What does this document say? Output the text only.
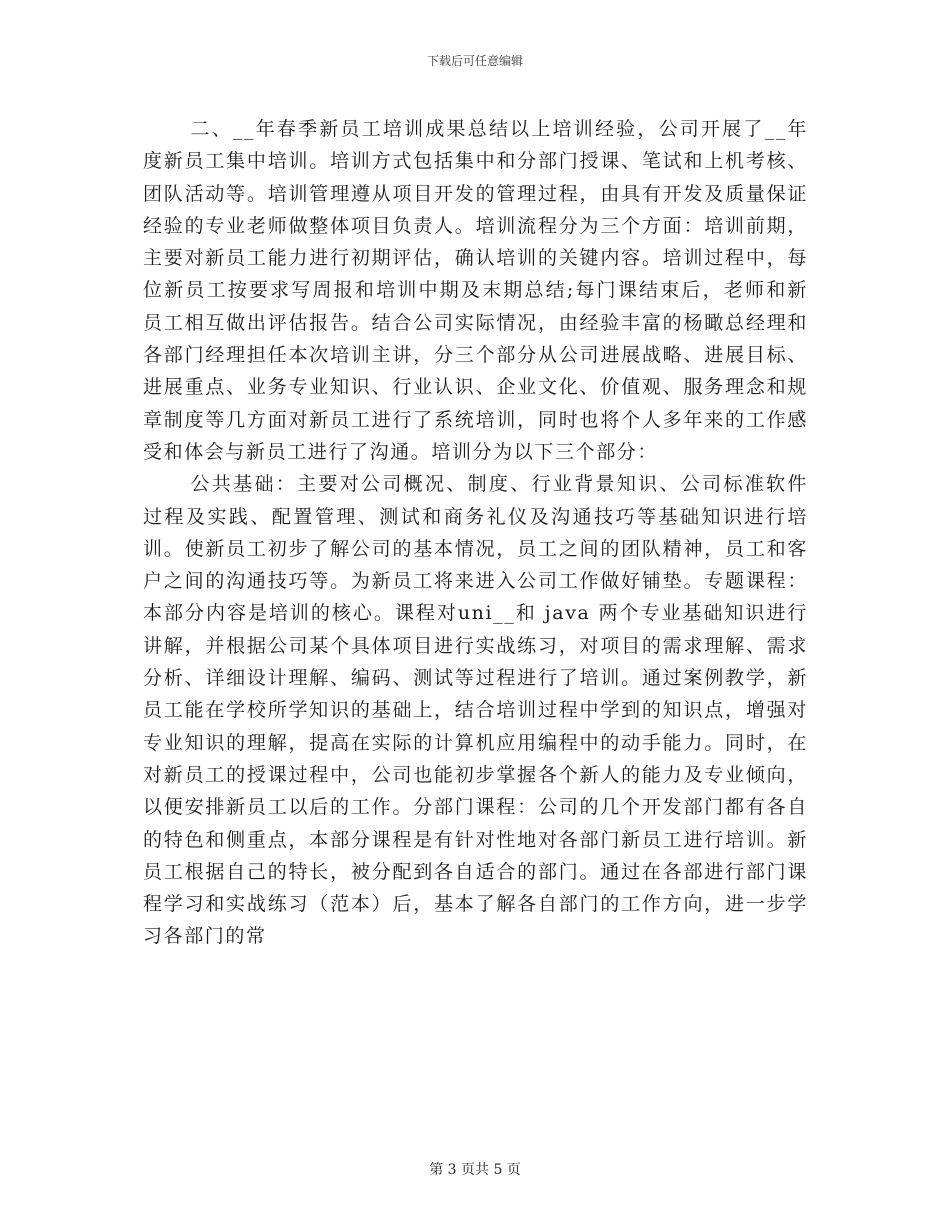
下载后可任意编辑

二、__年春季新员工培训成果总结以上培训经验，公司开展了__年度新员工集中培训。培训方式包括集中和分部门授课、笔试和上机考核、团队活动等。培训管理遵从项目开发的管理过程，由具有开发及质量保证经验的专业老师做整体项目负责人。培训流程分为三个方面：培训前期，主要对新员工能力进行初期评估，确认培训的关键内容。培训过程中，每位新员工按要求写周报和培训中期及末期总结;每门课结束后，老师和新员工相互做出评估报告。结合公司实际情况，由经验丰富的杨瞰总经理和各部门经理担任本次培训主讲，分三个部分从公司进展战略、进展目标、进展重点、业务专业知识、行业认识、企业文化、价值观、服务理念和规章制度等几方面对新员工进行了系统培训，同时也将个人多年来的工作感受和体会与新员工进行了沟通。培训分为以下三个部分：

公共基础：主要对公司概况、制度、行业背景知识、公司标准软件过程及实践、配置管理、测试和商务礼仪及沟通技巧等基础知识进行培训。使新员工初步了解公司的基本情况，员工之间的团队精神，员工和客户之间的沟通技巧等。为新员工将来进入公司工作做好铺垫。专题课程：本部分内容是培训的核心。课程对uni__和 java 两个专业基础知识进行讲解，并根据公司某个具体项目进行实战练习，对项目的需求理解、需求分析、详细设计理解、编码、测试等过程进行了培训。通过案例教学，新员工能在学校所学知识的基础上，结合培训过程中学到的知识点，增强对专业知识的理解，提高在实际的计算机应用编程中的动手能力。同时，在对新员工的授课过程中，公司也能初步掌握各个新人的能力及专业倾向，以便安排新员工以后的工作。分部门课程：公司的几个开发部门都有各自的特色和侧重点，本部分课程是有针对性地对各部门新员工进行培训。新员工根据自己的特长，被分配到各自适合的部门。通过在各部进行部门课程学习和实战练习（范本）后，基本了解各自部门的工作方向，进一步学习各部门的常

第 3 页共 5 页
